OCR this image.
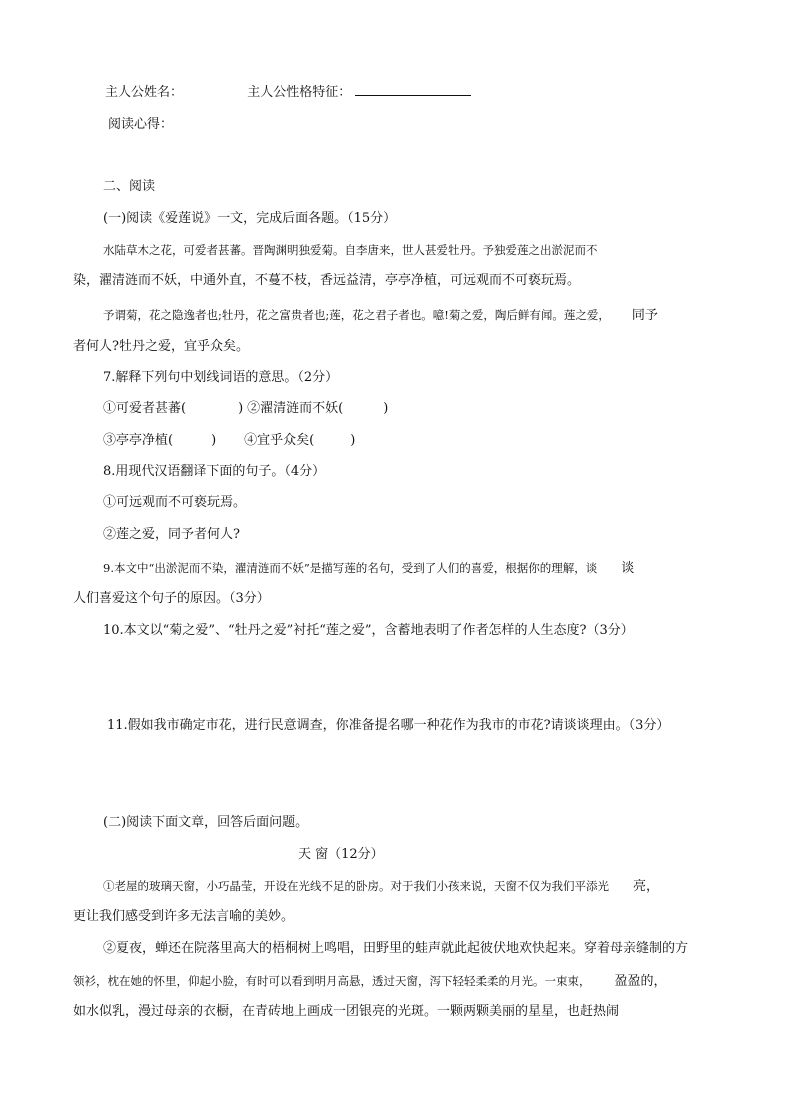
主人公姓名：	主人公性格特征：
阅读心得：
二、阅读
(一)阅读《爱莲说》一文，完成后面各题。（15分）
水陆草木之花，可爱者甚蕃。晋陶渊明独爱菊。自李唐来，世人甚爱牡丹。予独爱莲之出淤泥而不
染，濯清涟而不妖，中通外直，不蔓不枝，香远益清，亭亭净植，可远观而不可亵玩焉。
予谓菊，花之隐逸者也;牡丹，花之富贵者也;莲，花之君子者也。噫!菊之爱，陶后鲜有闻。莲之爱， 同予
者何人?牡丹之爱，宜乎众矣。
7.解释下列句中划线词语的意思。（2分）
①可爱者甚蕃(	) ②濯清涟而不妖(	)
③亭亭净植(	) ④宜乎众矣(	)
8.用现代汉语翻译下面的句子。（4分）
①可远观而不可亵玩焉。
②莲之爱，同予者何人?
9.本文中“出淤泥而不染，濯清涟而不妖”是描写莲的名句，受到了人们的喜爱，根据你的理解，谈 谈
人们喜爱这个句子的原因。（3分）
10.本文以“菊之爱”、“牡丹之爱”衬托“莲之爱”，含蓄地表明了作者怎样的人生态度?（3分）
11.假如我市确定市花，进行民意调查，你准备提名哪一种花作为我市的市花?请谈谈理由。（3分）
(二)阅读下面文章，回答后面问题。
天 窗（12分）
①老屋的玻璃天窗，小巧晶莹，开设在光线不足的卧房。对于我们小孩来说，天窗不仅为我们平添光 亮，
更让我们感受到许多无法言喻的美妙。
②夏夜，蝉还在院落里高大的梧桐树上鸣唱，田野里的蛙声就此起彼伏地欢快起来。穿着母亲缝制的方
领衫，枕在她的怀里，仰起小脸，有时可以看到明月高悬，透过天窗，泻下轻轻柔柔的月光。一束束， 盈盈的，
如水似乳，漫过母亲的衣橱，在青砖地上画成一团银亮的光斑。一颗两颗美丽的星星，也赶热闹
